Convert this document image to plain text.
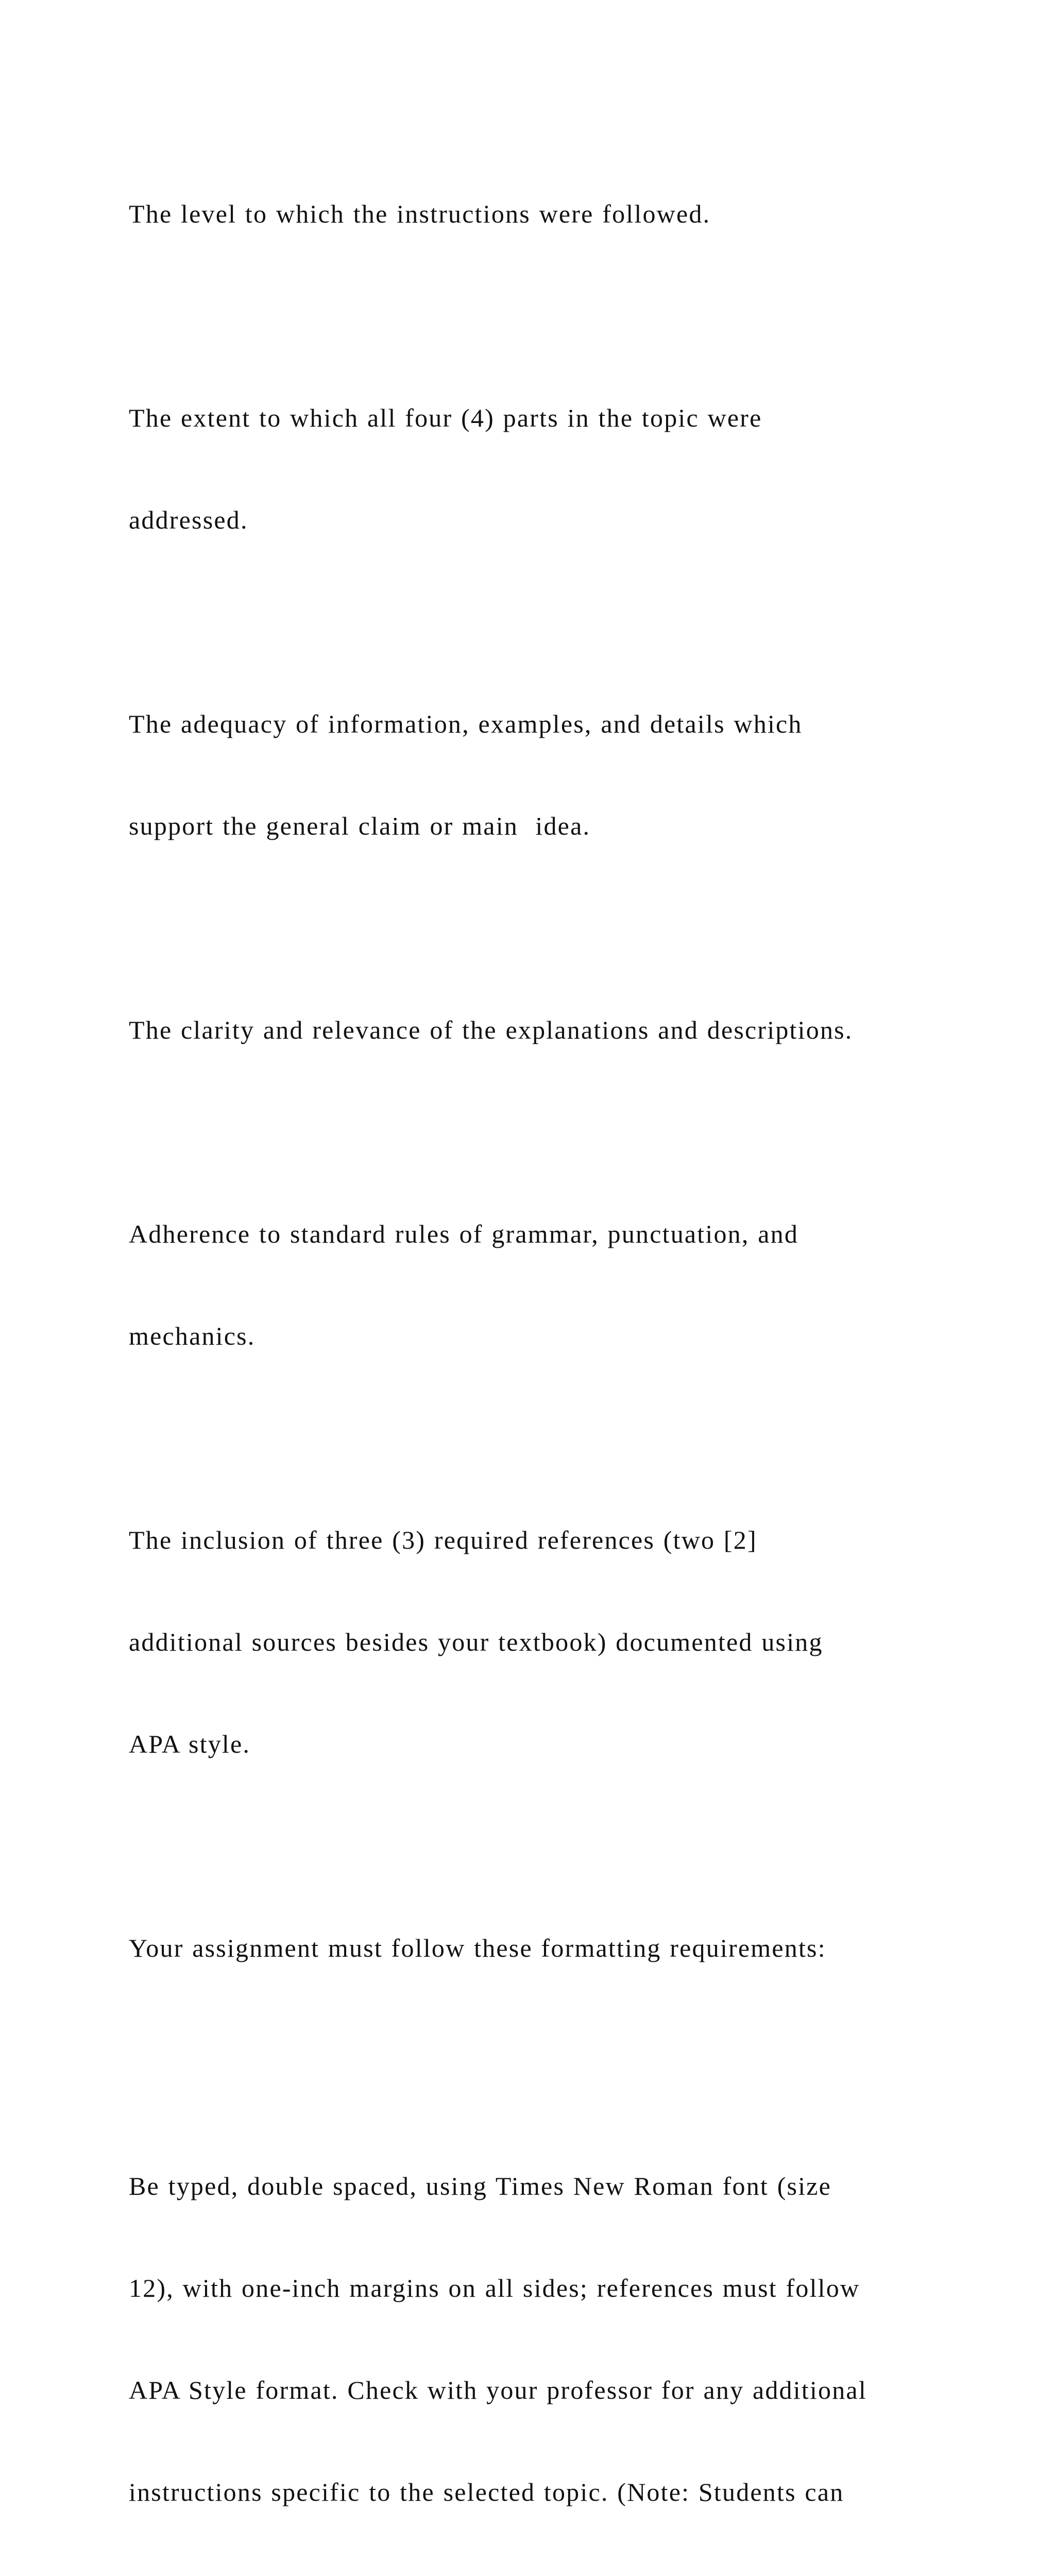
The level to which the instructions were followed.

The extent to which all four (4) parts in the topic were

addressed.

The adequacy of information, examples, and details which

support the general claim or main  idea.

The clarity and relevance of the explanations and descriptions.

Adherence to standard rules of grammar, punctuation, and

mechanics.

The inclusion of three (3) required references (two [2]

additional sources besides your textbook) documented using

APA style.

Your assignment must follow these formatting requirements:

Be typed, double spaced, using Times New Roman font (size

12), with one-inch margins on all sides; references must follow

APA Style format. Check with your professor for any additional

instructions specific to the selected topic. (Note: Students can
